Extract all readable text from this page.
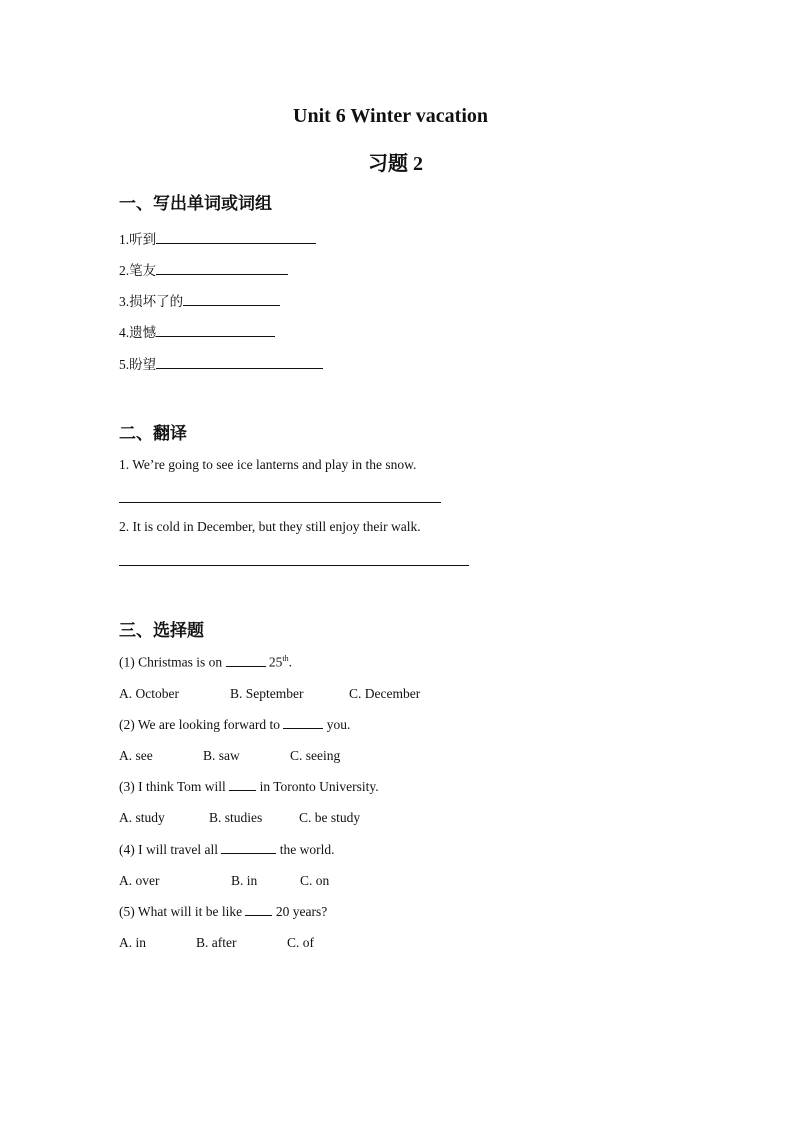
Unit 6 Winter vacation
习题 2
一、写出单词或词组
1.听到
2.笔友
3.损坏了的
4.遗憾
5.盼望
二、翻译
1. We’re going to see ice lanterns and play in the snow.
2. It is cold in December, but they still enjoy their walk.
三、选择题
(1) Christmas is on	25th.
A. October	B. September	C. December
(2) We are looking forward to	you.
A. see	B. saw	C. seeing
(3) I think Tom will	in Toronto University.
A. study	B. studies	C. be study
(4) I will travel all	the world.
A. over	B. in	C. on
(5) What will it be like	20 years?
A. in	B. after	C. of
